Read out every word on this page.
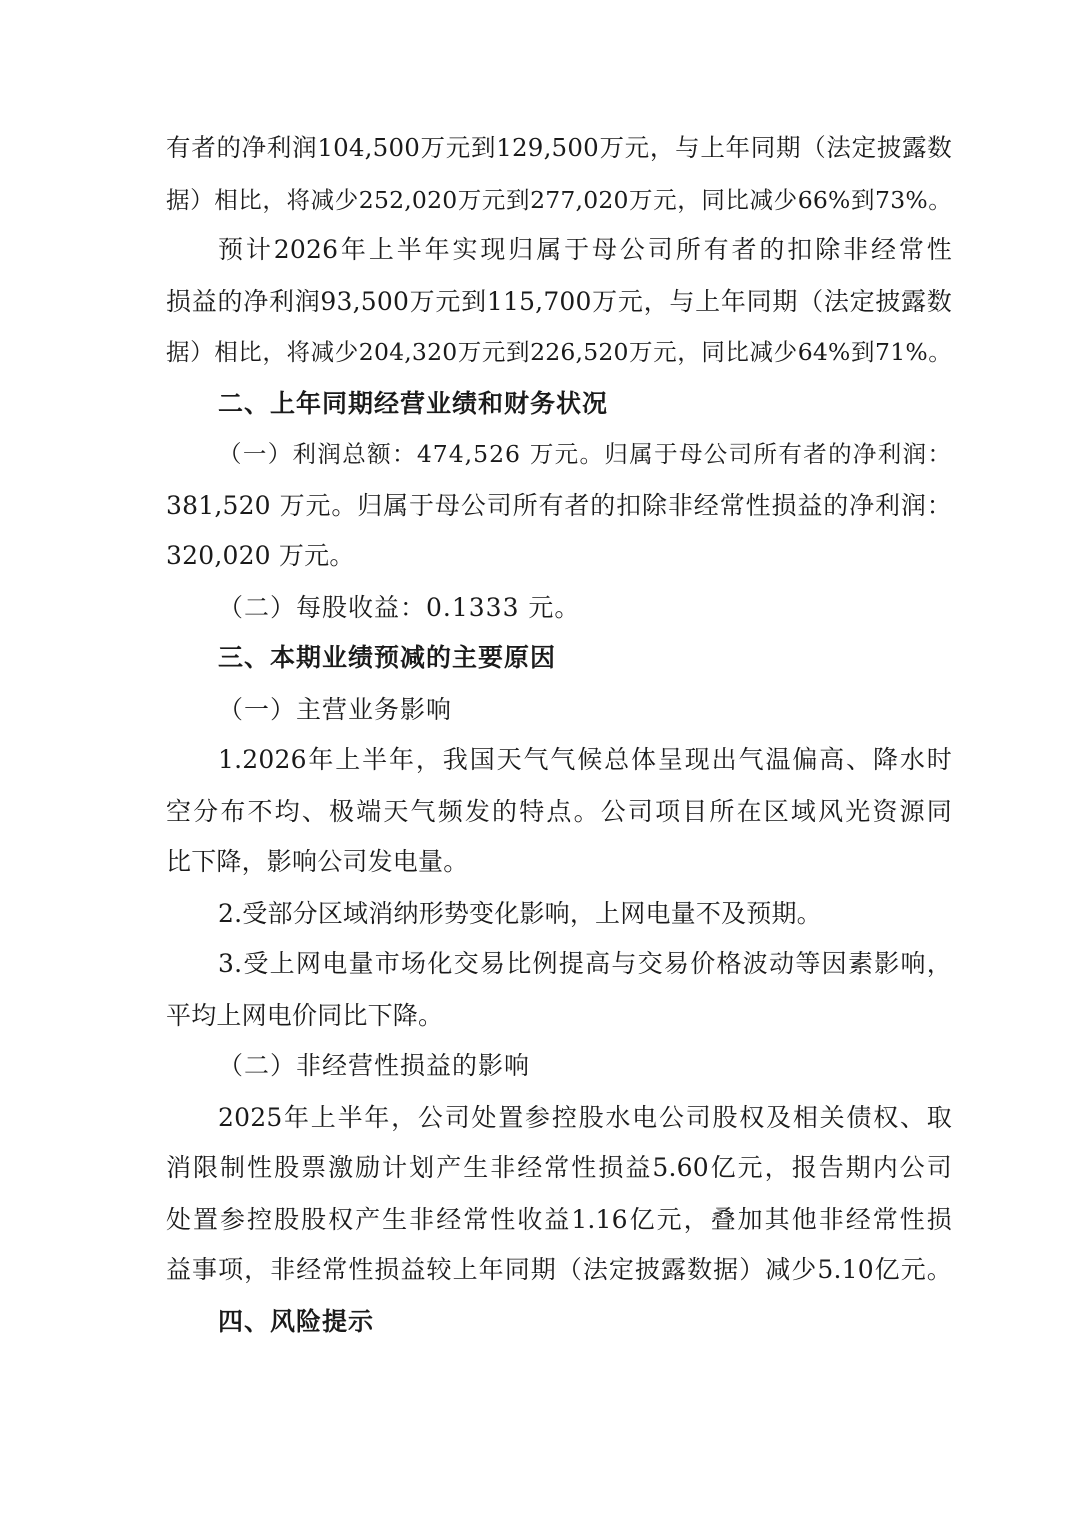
有者的净利润104,500万元到129,500万元，与上年同期（法定披露数
据）相比，将减少252,020万元到277,020万元，同比减少66%到73%。
预计2026年上半年实现归属于母公司所有者的扣除非经常性
损益的净利润93,500万元到115,700万元，与上年同期（法定披露数
据）相比，将减少204,320万元到226,520万元，同比减少64%到71%。
二、上年同期经营业绩和财务状况
（一）利润总额：474,526 万元。归属于母公司所有者的净利润：
381,520 万元。归属于母公司所有者的扣除非经常性损益的净利润：
320,020 万元。
（二）每股收益：0.1333 元。
三、本期业绩预减的主要原因
（一）主营业务影响
1.2026年上半年，我国天气气候总体呈现出气温偏高、降水时
空分布不均、极端天气频发的特点。公司项目所在区域风光资源同
比下降，影响公司发电量。
2.受部分区域消纳形势变化影响，上网电量不及预期。
3.受上网电量市场化交易比例提高与交易价格波动等因素影响，
平均上网电价同比下降。
（二）非经营性损益的影响
2025年上半年，公司处置参控股水电公司股权及相关债权、取
消限制性股票激励计划产生非经常性损益5.60亿元，报告期内公司
处置参控股股权产生非经常性收益1.16亿元，叠加其他非经常性损
益事项，非经常性损益较上年同期（法定披露数据）减少5.10亿元。
四、风险提示
